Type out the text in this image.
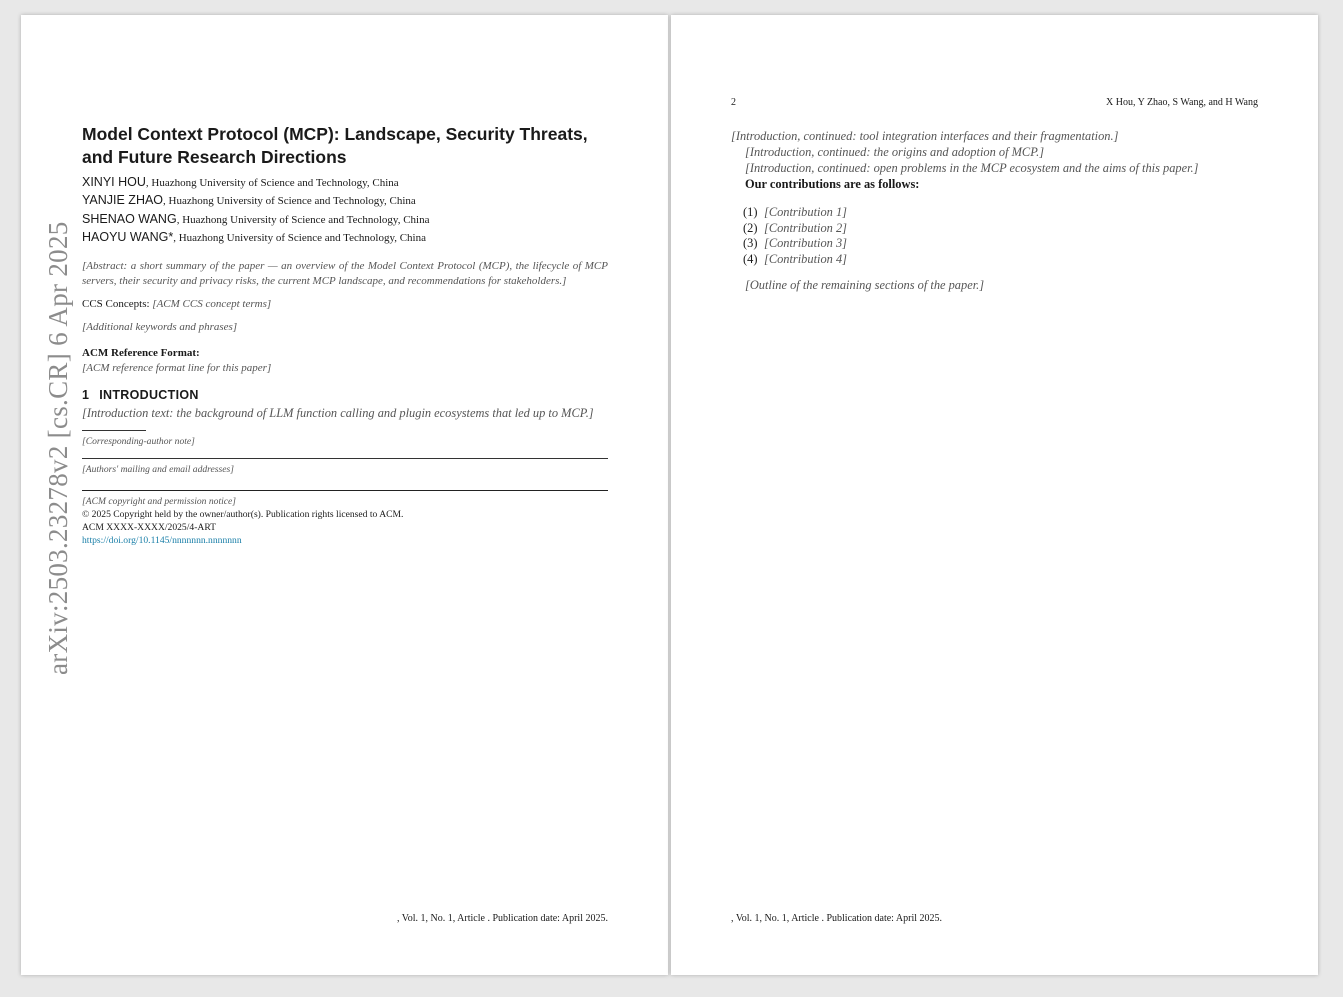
arXiv:2503.23278v2 [cs.CR] 6 Apr 2025
Model Context Protocol (MCP): Landscape, Security Threats, and Future Research Directions
XINYI HOU, Huazhong University of Science and Technology, China
YANJIE ZHAO, Huazhong University of Science and Technology, China
SHENAO WANG, Huazhong University of Science and Technology, China
HAOYU WANG*, Huazhong University of Science and Technology, China

[Abstract: a short summary of the paper — an overview of the Model Context Protocol (MCP), the lifecycle of MCP servers, their security and privacy risks, the current MCP landscape, and recommendations for stakeholders.]

CCS Concepts: [ACM CCS concept terms]

[Additional keywords and phrases]

ACM Reference Format:
[ACM reference format line for this paper]

1 INTRODUCTION

[Introduction text: the background of LLM function calling and plugin ecosystems that led up to MCP.]

[Corresponding-author note]

[Authors' mailing and email addresses]

[ACM copyright and permission notice]

© 2025 Copyright held by the owner/author(s). Publication rights licensed to ACM.

ACM XXXX-XXXX/2025/4-ART

https://doi.org/10.1145/nnnnnnn.nnnnnnn

, Vol. 1, No. 1, Article . Publication date: April 2025.
2	X Hou, Y Zhao, S Wang, and H Wang

[Introduction, continued: tool integration interfaces and their fragmentation.]

[Introduction, continued: the origins and adoption of MCP.]

[Introduction, continued: open problems in the MCP ecosystem and the aims of this paper.]

Our contributions are as follows:

(1) [Contribution 1]
(2) [Contribution 2]
(3) [Contribution 3]
(4) [Contribution 4]

[Outline of the remaining sections of the paper.]

, Vol. 1, No. 1, Article . Publication date: April 2025.
